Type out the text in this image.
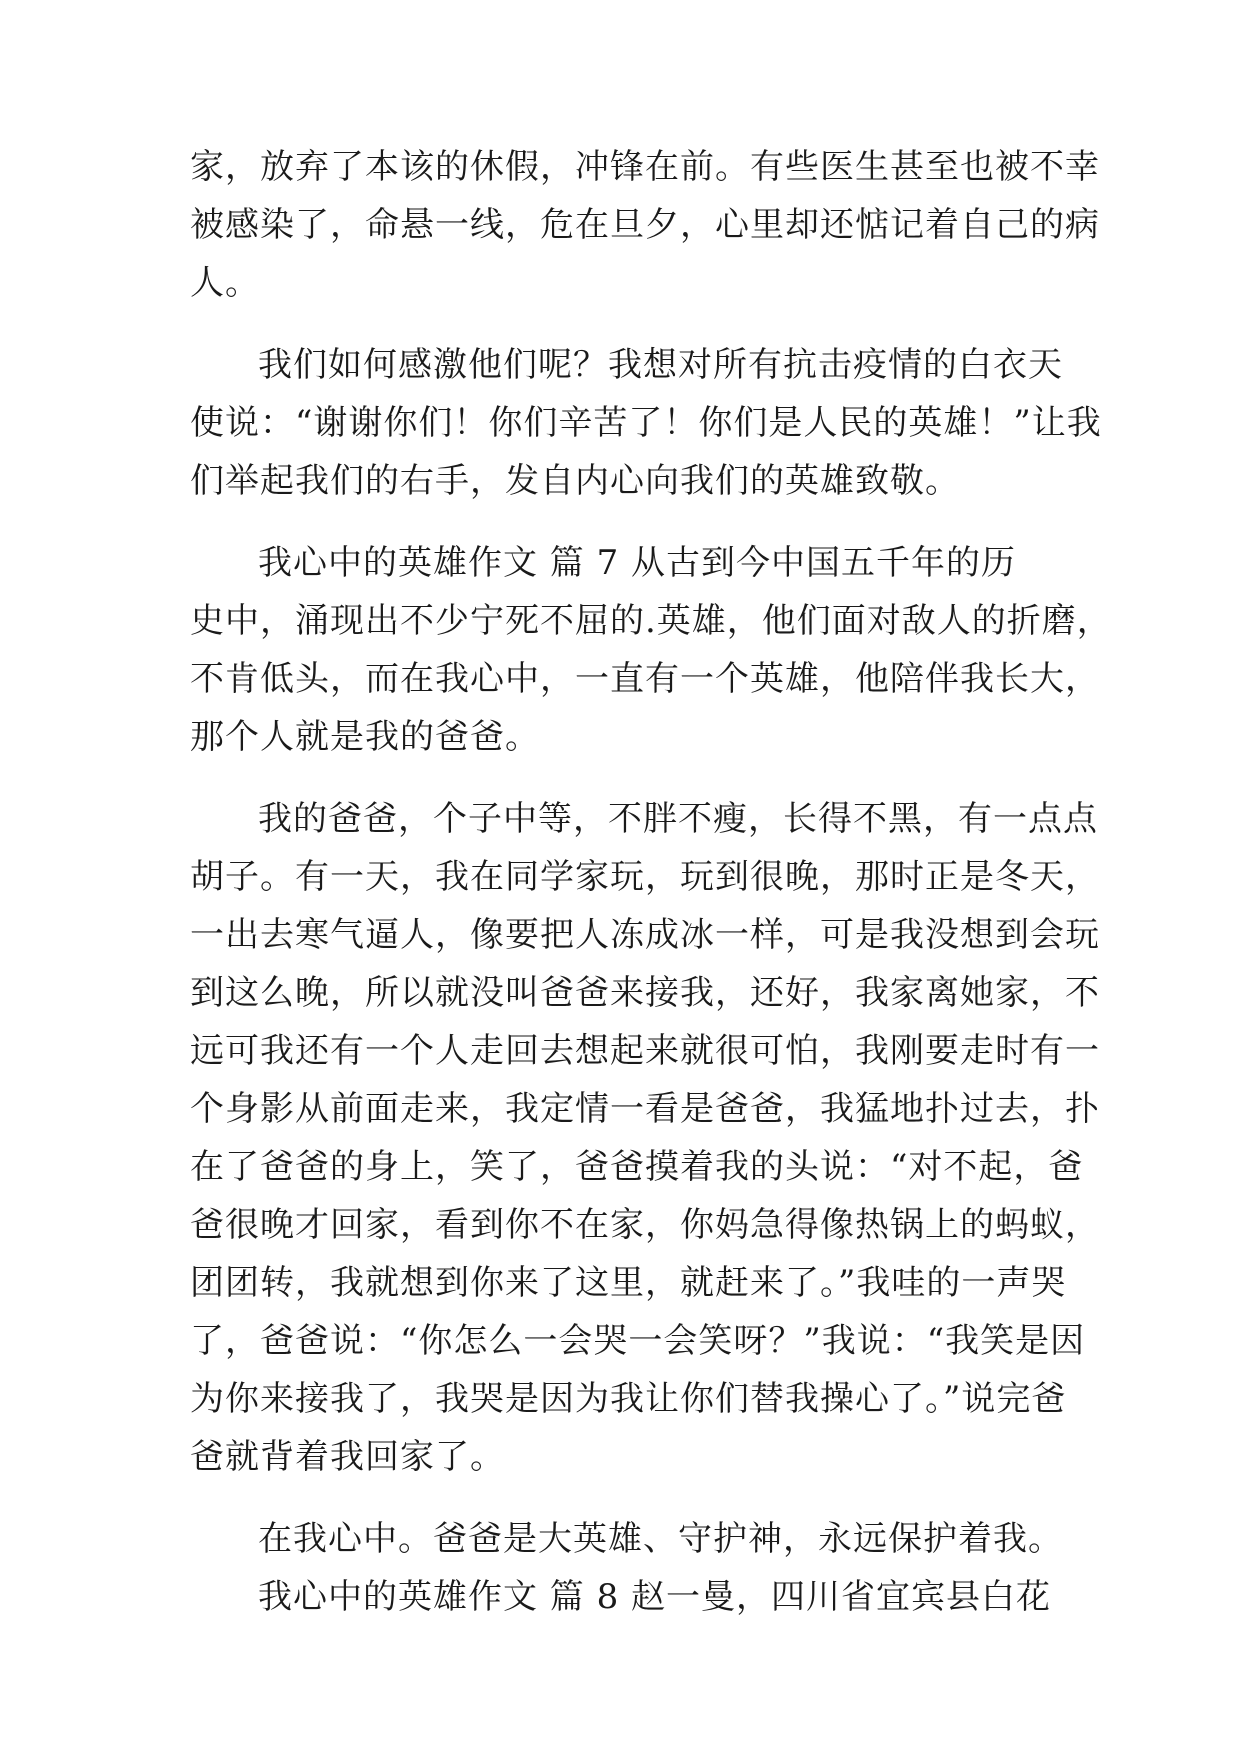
家，放弃了本该的休假，冲锋在前。有些医生甚至也被不幸
被感染了，命悬一线，危在旦夕，心里却还惦记着自己的病
人。
我们如何感激他们呢？我想对所有抗击疫情的白衣天
使说：“谢谢你们！你们辛苦了！你们是人民的英雄！”让我
们举起我们的右手，发自内心向我们的英雄致敬。
我心中的英雄作文 篇 7 从古到今中国五千年的历
史中，涌现出不少宁死不屈的.英雄，他们面对敌人的折磨，
不肯低头，而在我心中，一直有一个英雄，他陪伴我长大，
那个人就是我的爸爸。
我的爸爸，个子中等，不胖不瘦，长得不黑，有一点点
胡子。有一天，我在同学家玩，玩到很晚，那时正是冬天，
一出去寒气逼人，像要把人冻成冰一样，可是我没想到会玩
到这么晚，所以就没叫爸爸来接我，还好，我家离她家，不
远可我还有一个人走回去想起来就很可怕，我刚要走时有一
个身影从前面走来，我定情一看是爸爸，我猛地扑过去，扑
在了爸爸的身上，笑了，爸爸摸着我的头说：“对不起，爸
爸很晚才回家，看到你不在家，你妈急得像热锅上的蚂蚁，
团团转，我就想到你来了这里，就赶来了。”我哇的一声哭
了，爸爸说：“你怎么一会哭一会笑呀？”我说：“我笑是因
为你来接我了，我哭是因为我让你们替我操心了。”说完爸
爸就背着我回家了。
在我心中。爸爸是大英雄、守护神，永远保护着我。
我心中的英雄作文 篇 8 赵一曼，四川省宜宾县白花
